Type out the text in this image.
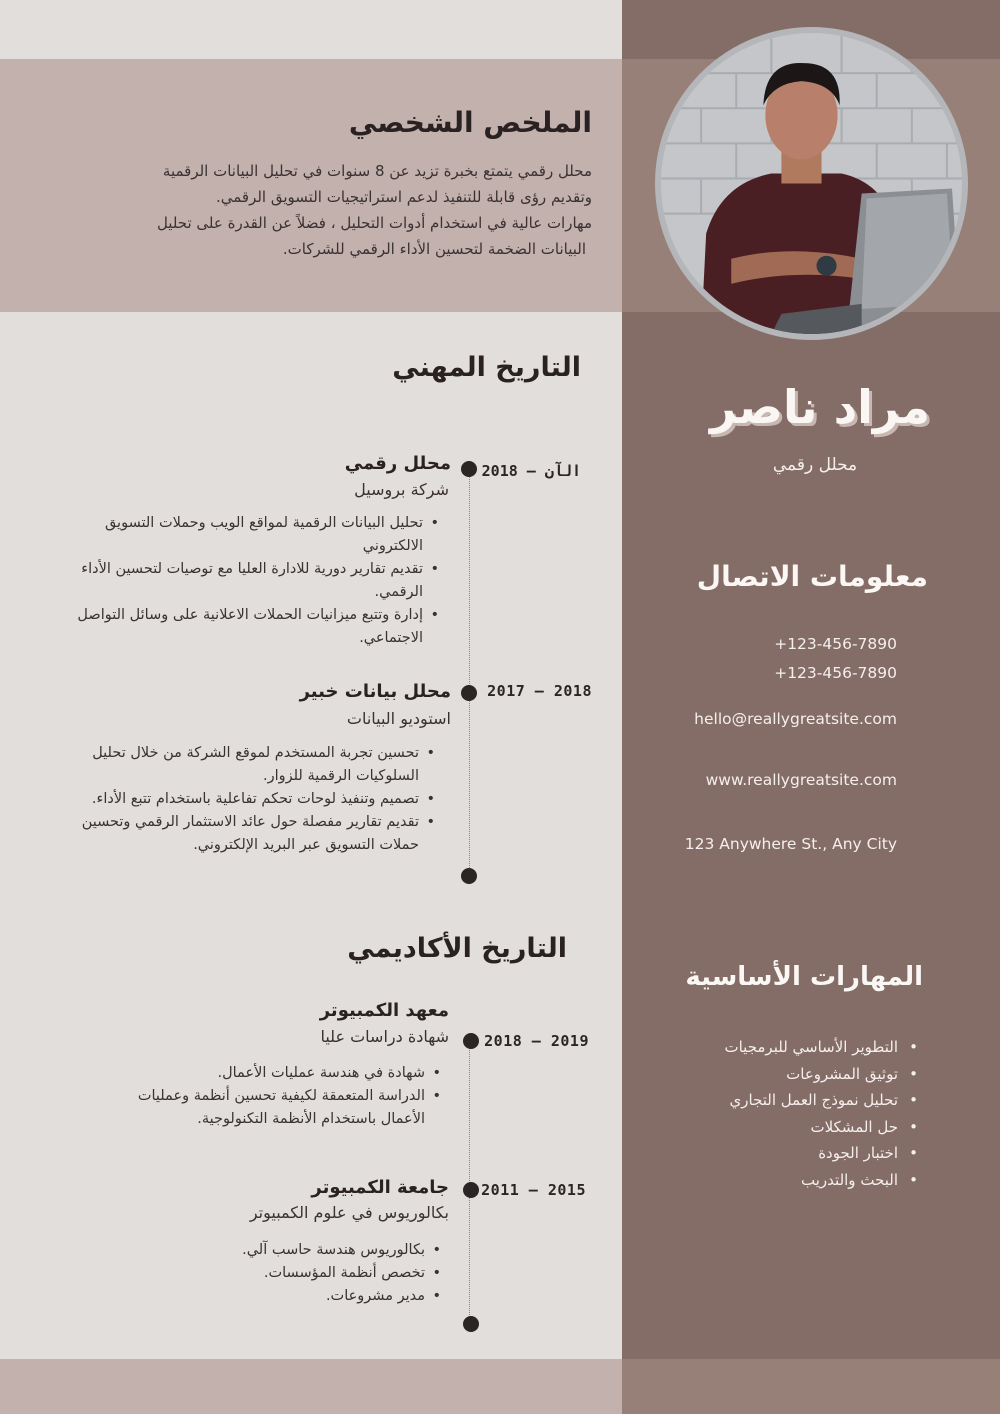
الملخص الشخصي
محلل رقمي يتمتع بخبرة تزيد عن 8 سنوات في تحليل البيانات الرقمية
وتقديم رؤى قابلة للتنفيذ لدعم استراتيجيات التسويق الرقمي.
مهارات عالية في استخدام أدوات التحليل ، فضلاً عن القدرة على تحليل
البيانات الضخمة لتحسين الأداء الرقمي للشركات.
مراد ناصر
محلل رقمي
معلومات الاتصال
+123-456-7890
+123-456-7890
hello@reallygreatsite.com
www.reallygreatsite.com
123 Anywhere St., Any City
المهارات الأساسية
• التطوير الأساسي للبرمجيات
• توثيق المشروعات
• تحليل نموذج العمل التجاري
• حل المشكلات
• اختبار الجودة
• البحث والتدريب
التاريخ المهني
الآن – 2018
محلل رقمي
شركة بروسيل
• تحليل البيانات الرقمية لمواقع الويب وحملات التسويق الالكتروني
• تقديم تقارير دورية للادارة العليا مع توصيات لتحسين الأداء الرقمي.
• إدارة وتتبع ميزانيات الحملات الاعلانية على وسائل التواصل الاجتماعي.
2018 – 2017
محلل بيانات خبير
استوديو البيانات
• تحسين تجربة المستخدم لموقع الشركة من خلال تحليل السلوكيات الرقمية للزوار.
• تصميم وتنفيذ لوحات تحكم تفاعلية باستخدام تتبع الأداء.
• تقديم تقارير مفصلة حول عائد الاستثمار الرقمي وتحسين حملات التسويق عبر البريد الإلكتروني.
التاريخ الأكاديمي
2019 – 2018
معهد الكمبيوتر
شهادة دراسات عليا
• شهادة في هندسة عمليات الأعمال.
• الدراسة المتعمقة لكيفية تحسين أنظمة وعمليات الأعمال باستخدام الأنظمة التكنولوجية.
2015 – 2011
جامعة الكمبيوتر
بكالوريوس في علوم الكمبيوتر
• بكالوريوس هندسة حاسب آلي.
• تخصص أنظمة المؤسسات.
• مدير مشروعات.
